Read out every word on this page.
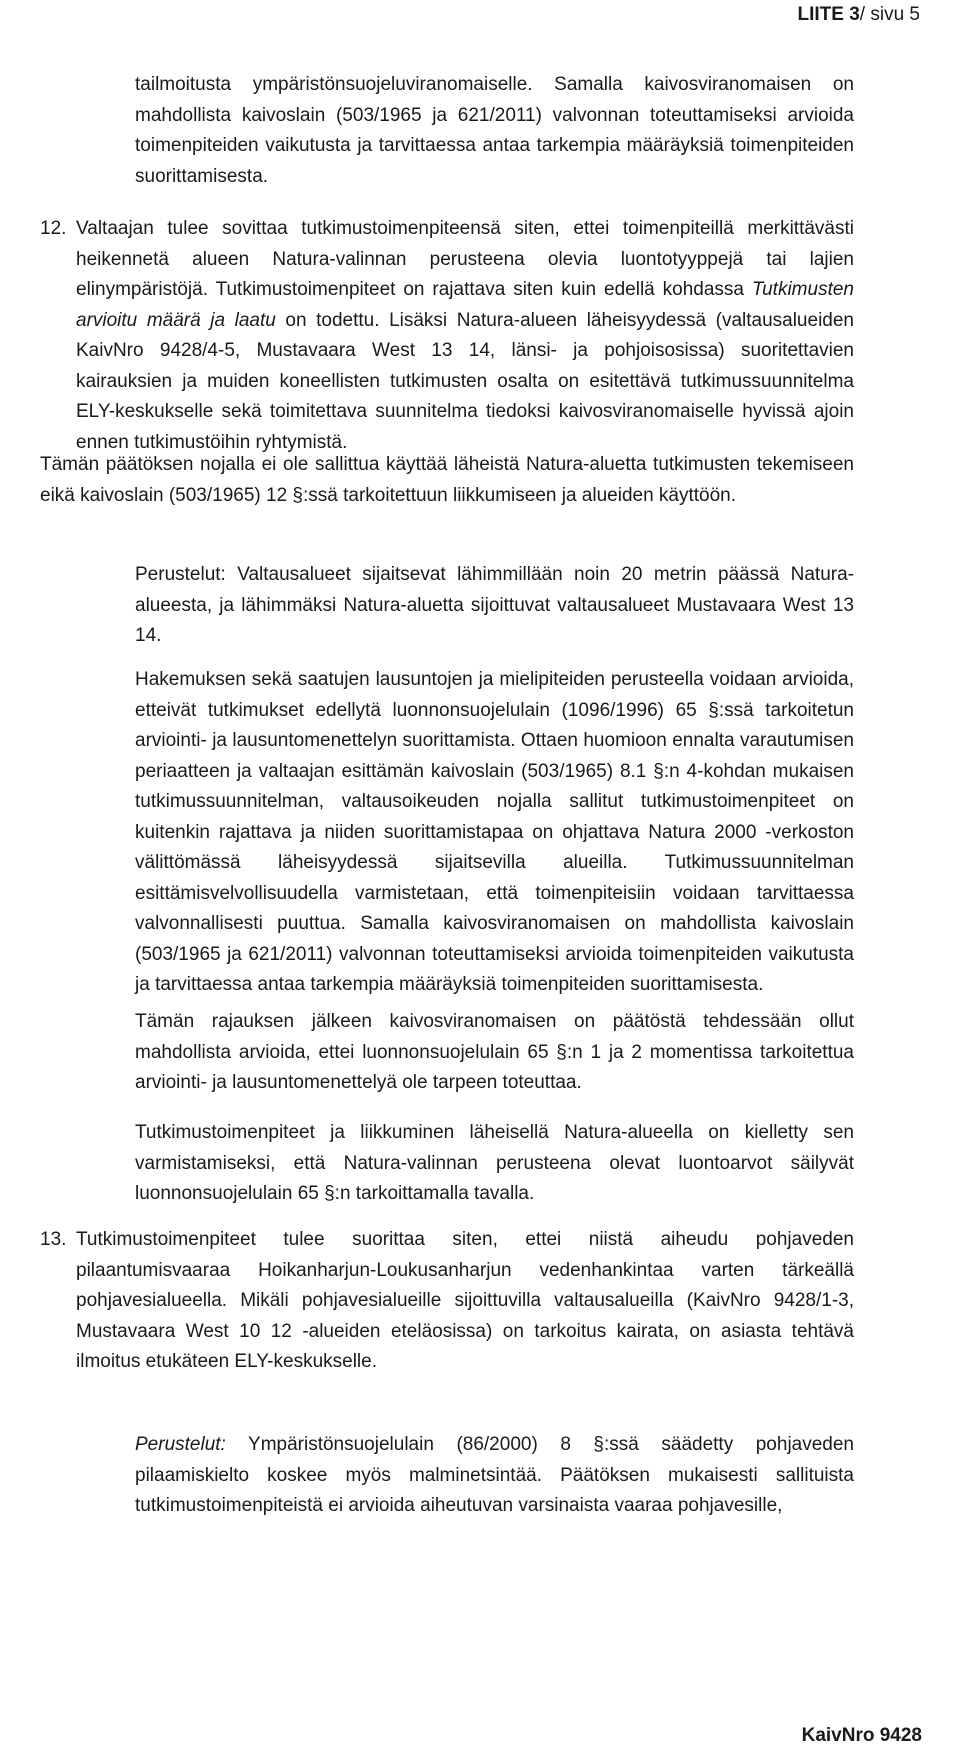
LIITE 3/ sivu 5

tailmoitusta ympäristönsuojeluviranomaiselle. Samalla kaivosviranomaisen on mahdollista kaivoslain (503/1965 ja 621/2011) valvonnan toteuttamiseksi arvioida toimenpiteiden vaikutusta ja tarvittaessa antaa tarkempia määräyksiä toimenpiteiden suorittamisesta.

12. Valtaajan tulee sovittaa tutkimustoimenpiteensä siten, ettei toimenpiteillä merkittävästi heikennetä alueen Natura-valinnan perusteena olevia luontotyyppejä tai lajien elinympäristöjä. Tutkimustoimenpiteet on rajattava siten kuin edellä kohdassa Tutkimusten arvioitu määrä ja laatu on todettu. Lisäksi Natura-alueen läheisyydessä (valtausalueiden KaivNro 9428/4-5, Mustavaara West 13 14, länsi- ja pohjoisosissa) suoritettavien kairauksien ja muiden koneellisten tutkimusten osalta on esitettävä tutkimussuunnitelma ELY-keskukselle sekä toimitettava suunnitelma tiedoksi kaivosviranomaiselle hyvissä ajoin ennen tutkimustöihin ryhtymistä.

Tämän päätöksen nojalla ei ole sallittua käyttää läheistä Natura-aluetta tutkimusten tekemiseen eikä kaivoslain (503/1965) 12 §:ssä tarkoitettuun liikkumiseen ja alueiden käyttöön.

Perustelut: Valtausalueet sijaitsevat lähimmillään noin 20 metrin päässä Natura-alueesta, ja lähimmäksi Natura-aluetta sijoittuvat valtausalueet Mustavaara West 13 14.

Hakemuksen sekä saatujen lausuntojen ja mielipiteiden perusteella voidaan arvioida, etteivät tutkimukset edellytä luonnonsuojelulain (1096/1996) 65 §:ssä tarkoitetun arviointi- ja lausuntomenettelyn suorittamista. Ottaen huomioon ennalta varautumisen periaatteen ja valtaajan esittämän kaivoslain (503/1965) 8.1 §:n 4-kohdan mukaisen tutkimussuunnitelman, valtausoikeuden nojalla sallitut tutkimustoimenpiteet on kuitenkin rajattava ja niiden suorittamistapaa on ohjattava Natura 2000 -verkoston välittömässä läheisyydessä sijaitsevilla alueilla. Tutkimussuunnitelman esittämisvelvollisuudella varmistetaan, että toimenpiteisiin voidaan tarvittaessa valvonnallisesti puuttua. Samalla kaivosviranomaisen on mahdollista kaivoslain (503/1965 ja 621/2011) valvonnan toteuttamiseksi arvioida toimenpiteiden vaikutusta ja tarvittaessa antaa tarkempia määräyksiä toimenpiteiden suorittamisesta.

Tämän rajauksen jälkeen kaivosviranomaisen on päätöstä tehdessään ollut mahdollista arvioida, ettei luonnonsuojelulain 65 §:n 1 ja 2 momentissa tarkoitettua arviointi- ja lausuntomenettelyä ole tarpeen toteuttaa.

Tutkimustoimenpiteet ja liikkuminen läheisellä Natura-alueella on kielletty sen varmistamiseksi, että Natura-valinnan perusteena olevat luontoarvot säilyvät luonnonsuojelulain 65 §:n tarkoittamalla tavalla.

13. Tutkimustoimenpiteet tulee suorittaa siten, ettei niistä aiheudu pohjaveden pilaantumisvaaraa Hoikanharjun-Loukusanharjun vedenhankintaa varten tärkeällä pohjavesialueella. Mikäli pohjavesialueille sijoittuvilla valtausalueilla (KaivNro 9428/1-3, Mustavaara West 10 12 -alueiden eteläosissa) on tarkoitus kairata, on asiasta tehtävä ilmoitus etukäteen ELY-keskukselle.

Perustelut: Ympäristönsuojelulain (86/2000) 8 §:ssä säädetty pohjaveden pilaamiskielto koskee myös malminetsintää. Päätöksen mukaisesti sallituista tutkimustoimenpiteistä ei arvioida aiheutuvan varsinaista vaaraa pohjavesille,

KaivNro 9428
